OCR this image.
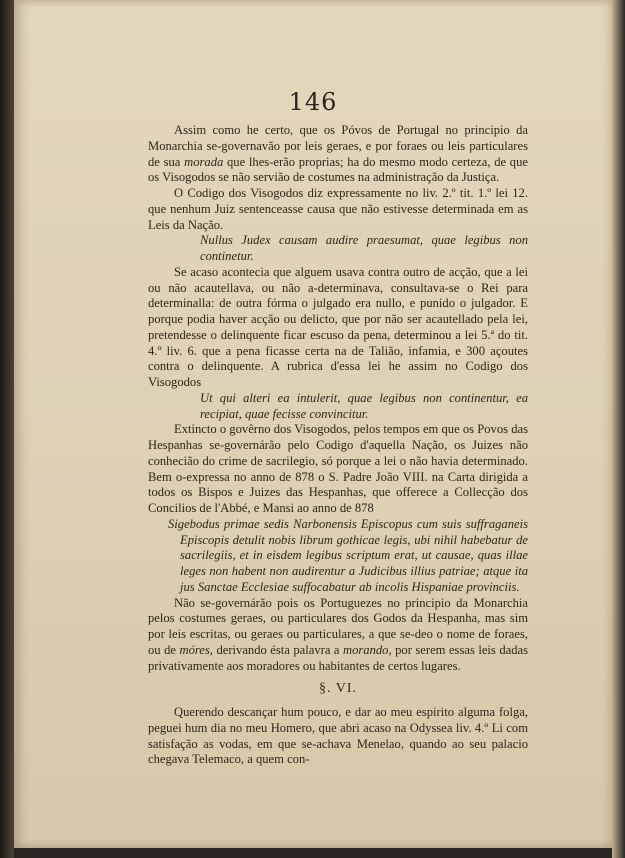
146

Assim como he certo, que os Póvos de Portugal no principio da Monarchia se-governavão por leis geraes, e por foraes ou leis particulares de sua morada que lhes-erão proprias; ha do mesmo modo certeza, de que os Visogodos se não servião de costumes na administração da Justiça.

O Codigo dos Visogodos diz expressamente no liv. 2.º tit. 1.º lei 12. que nenhum Juiz sentenceasse causa que não estivesse determinada em as Leis da Nação.

Nullus Judex causam audire praesumat, quae legibus non continetur.

Se acaso acontecia que alguem usava contra outro de acção, que a lei ou não acautellava, ou não a-determinava, consultava-se o Rei para determinalla: de outra fórma o julgado era nullo, e punido o julgador. E porque podia haver acção ou delicto, que por não ser acautellado pela lei, pretendesse o delinquente ficar escuso da pena, determinou a lei 5.ª do tit. 4.º liv. 6. que a pena ficasse certa na de Talião, infamia, e 300 açoutes contra o delinquente. A rubrica d'essa lei he assim no Codigo dos Visogodos

Ut qui alteri ea intulerit, quae legibus non continentur, ea recipiat, quae fecisse convincitur.

Extincto o govêrno dos Visogodos, pelos tempos em que os Povos das Hespanhas se-governárão pelo Codigo d'aquella Nação, os Juizes não conhecião do crime de sacrilegio, só porque a lei o não havia determinado. Bem o-expressa no anno de 878 o S. Padre João VIII. na Carta dirigida a todos os Bispos e Juizes das Hespanhas, que offerece a Collecção dos Concilios de l'Abbé, e Mansi ao anno de 878

Sigebodus primae sedis Narbonensis Episcopus cum suis suffraganeis Episcopis detulit nobis librum gothicae legis, ubi nihil habebatur de sacrilegiis, et in eisdem legibus scriptum erat, ut causae, quas illae leges non habent non audirentur a Judicibus illius patriae; atque ita jus Sanctae Ecclesiae suffocabatur ab incolis Hispaniae provinciis.

Não se-governárão pois os Portuguezes no principio da Monarchia pelos costumes geraes, ou particulares dos Godos da Hespanha, mas sim por leis escritas, ou geraes ou particulares, a que se-deo o nome de foraes, ou de móres, derivando ésta palavra a morando, por serem essas leis dadas privativamente aos moradores ou habitantes de certos lugares.

§. VI.

Querendo descançar hum pouco, e dar ao meu espirito alguma folga, peguei hum dia no meu Homero, que abri acaso na Odyssea liv. 4.º Li com satisfação as vodas, em que se-achava Menelao, quando ao seu palacio chegava Telemaco, a quem con-
